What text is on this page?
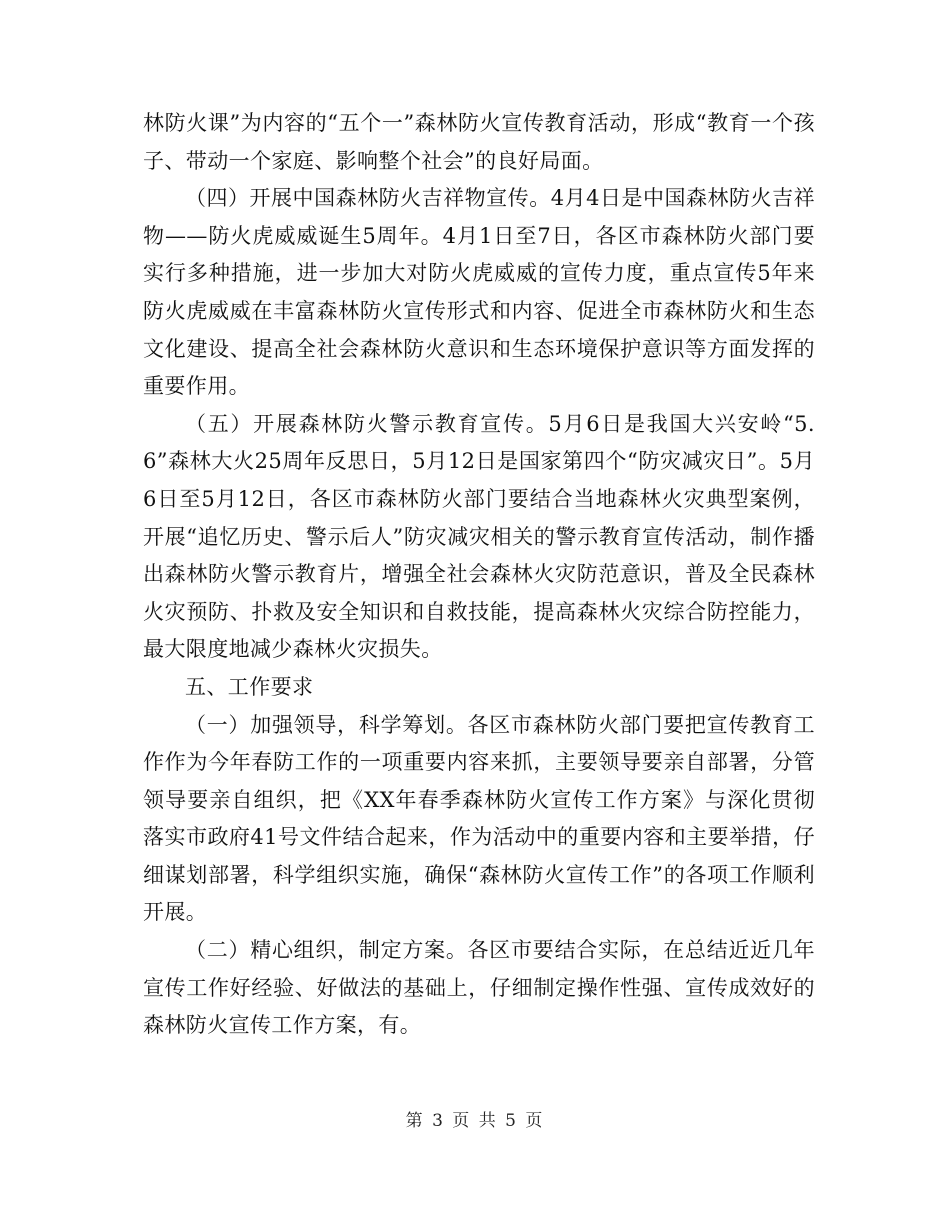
林防火课”为内容的“五个一”森林防火宣传教育活动，形成“教育一个孩子、带动一个家庭、影响整个社会”的良好局面。

（四）开展中国森林防火吉祥物宣传。4月4日是中国森林防火吉祥物——防火虎威威诞生5周年。4月1日至7日，各区市森林防火部门要实行多种措施，进一步加大对防火虎威威的宣传力度，重点宣传5年来防火虎威威在丰富森林防火宣传形式和内容、促进全市森林防火和生态文化建设、提高全社会森林防火意识和生态环境保护意识等方面发挥的重要作用。

（五）开展森林防火警示教育宣传。5月6日是我国大兴安岭“5.6”森林大火25周年反思日，5月12日是国家第四个“防灾减灾日”。5月6日至5月12日，各区市森林防火部门要结合当地森林火灾典型案例，开展“追忆历史、警示后人”防灾减灾相关的警示教育宣传活动，制作播出森林防火警示教育片，增强全社会森林火灾防范意识，普及全民森林火灾预防、扑救及安全知识和自救技能，提高森林火灾综合防控能力，最大限度地减少森林火灾损失。

五、工作要求

（一）加强领导，科学筹划。各区市森林防火部门要把宣传教育工作作为今年春防工作的一项重要内容来抓，主要领导要亲自部署，分管领导要亲自组织，把《XX年春季森林防火宣传工作方案》与深化贯彻落实市政府41号文件结合起来，作为活动中的重要内容和主要举措，仔细谋划部署，科学组织实施，确保“森林防火宣传工作”的各项工作顺利开展。

（二）精心组织，制定方案。各区市要结合实际，在总结近近几年宣传工作好经验、好做法的基础上，仔细制定操作性强、宣传成效好的森林防火宣传工作方案，有。

第 3 页 共 5 页
